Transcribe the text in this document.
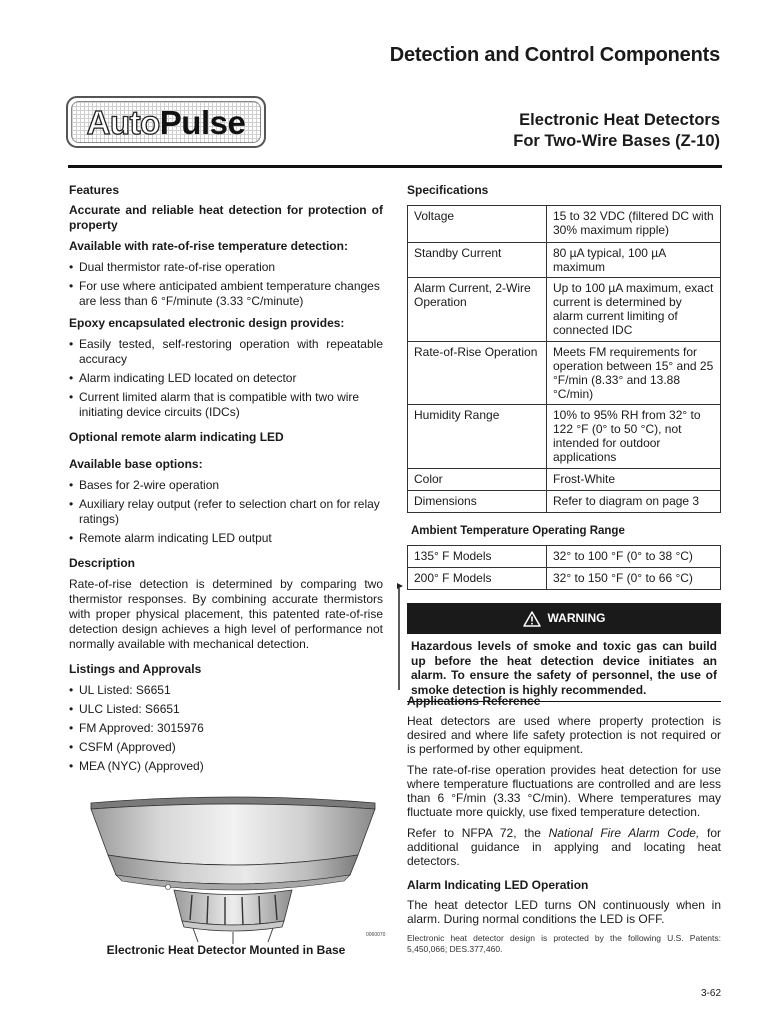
Detection and Control Components
AutoPulse	Electronic Heat Detectors
For Two-Wire Bases (Z-10)
Features
Accurate and reliable heat detection for protection of property
Available with rate-of-rise temperature detection:
• Dual thermistor rate-of-rise operation
• For use where anticipated ambient temperature changes are less than 6 °F/minute (3.33 °C/minute)
Epoxy encapsulated electronic design provides:
• Easily tested, self-restoring operation with repeatable accuracy
• Alarm indicating LED located on detector
• Current limited alarm that is compatible with two wire initiating device circuits (IDCs)
Optional remote alarm indicating LED
Available base options:
• Bases for 2-wire operation
• Auxiliary relay output (refer to selection chart on for relay ratings)
• Remote alarm indicating LED output
Description
Rate-of-rise detection is determined by comparing two thermistor responses. By combining accurate thermistors with proper physical placement, this patented rate-of-rise detection design achieves a high level of performance not normally available with mechanical detection.
Listings and Approvals
• UL Listed: S6651
• ULC Listed: S6651
• FM Approved: 3015976
• CSFM (Approved)
• MEA (NYC) (Approved)
0060070
Electronic Heat Detector Mounted in Base
Specifications
Voltage	15 to 32 VDC (filtered DC with 30% maximum ripple)
Standby Current	80 µA typical, 100 µA maximum
Alarm Current, 2-Wire Operation	Up to 100 µA maximum, exact current is determined by alarm current limiting of connected IDC
Rate-of-Rise Operation	Meets FM requirements for operation between 15° and 25 °F/min (8.33° and 13.88 °C/min)
Humidity Range	10% to 95% RH from 32° to 122 °F (0° to 50 °C), not intended for outdoor applications
Color	Frost-White
Dimensions	Refer to diagram on page 3
Ambient Temperature Operating Range
135° F Models	32° to 100 °F (0° to 38 °C)
200° F Models	32° to 150 °F (0° to 66 °C)
WARNING
Hazardous levels of smoke and toxic gas can build up before the heat detection device initiates an alarm. To ensure the safety of personnel, the use of smoke detection is highly recommended.
Applications Reference

Heat detectors are used where property protection is desired and where life safety protection is not required or is performed by other equipment.

The rate-of-rise operation provides heat detection for use where temperature fluctuations are controlled and are less than 6 °F/min (3.33 °C/min). Where temperatures may fluctuate more quickly, use fixed temperature detection.

Refer to NFPA 72, the National Fire Alarm Code, for additional guidance in applying and locating heat detectors.

Alarm Indicating LED Operation

The heat detector LED turns ON continuously when in alarm. During normal conditions the LED is OFF.

Electronic heat detector design is protected by the following U.S. Patents: 5,450,066; DES.377,460.

3-62
